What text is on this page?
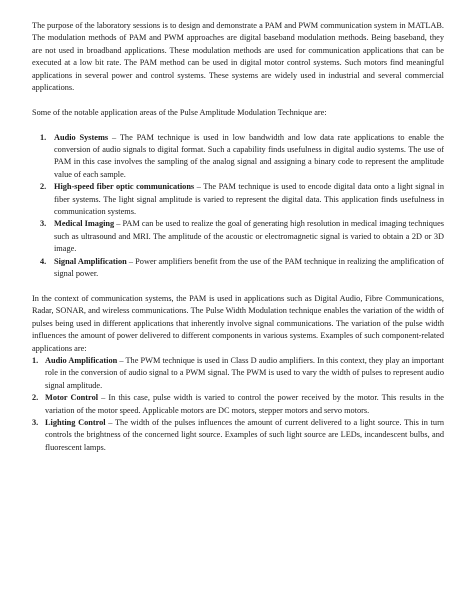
The purpose of the laboratory sessions is to design and demonstrate a PAM and PWM communication system in MATLAB. The modulation methods of PAM and PWM approaches are digital baseband modulation methods. Being baseband, they are not used in broadband applications. These modulation methods are used for communication applications that can be executed at a low bit rate. The PAM method can be used in digital motor control systems. Such motors find meaningful applications in several power and control systems. These systems are widely used in industrial and several commercial applications.

Some of the notable application areas of the Pulse Amplitude Modulation Technique are:

1. Audio Systems – The PAM technique is used in low bandwidth and low data rate applications to enable the conversion of audio signals to digital format. Such a capability finds usefulness in digital audio systems. The use of PAM in this case involves the sampling of the analog signal and assigning a binary code to represent the amplitude value of each sample.
2. High-speed fiber optic communications – The PAM technique is used to encode digital data onto a light signal in fiber systems. The light signal amplitude is varied to represent the digital data. This application finds usefulness in communication systems.
3. Medical Imaging – PAM can be used to realize the goal of generating high resolution in medical imaging techniques such as ultrasound and MRI. The amplitude of the acoustic or electromagnetic signal is varied to obtain a 2D or 3D image.
4. Signal Amplification – Power amplifiers benefit from the use of the PAM technique in realizing the amplification of signal power.

In the context of communication systems, the PAM is used in applications such as Digital Audio, Fibre Communications, Radar, SONAR, and wireless communications. The Pulse Width Modulation technique enables the variation of the width of pulses being used in different applications that inherently involve signal communications. The variation of the pulse width influences the amount of power delivered to different components in various systems. Examples of such component-related applications are:

1. Audio Amplification – The PWM technique is used in Class D audio amplifiers. In this context, they play an important role in the conversion of audio signal to a PWM signal. The PWM is used to vary the width of pulses to represent audio signal amplitude.
2. Motor Control – In this case, pulse width is varied to control the power received by the motor. This results in the variation of the motor speed. Applicable motors are DC motors, stepper motors and servo motors.
3. Lighting Control – The width of the pulses influences the amount of current delivered to a light source. This in turn controls the brightness of the concerned light source. Examples of such light source are LEDs, incandescent bulbs, and fluorescent lamps.
